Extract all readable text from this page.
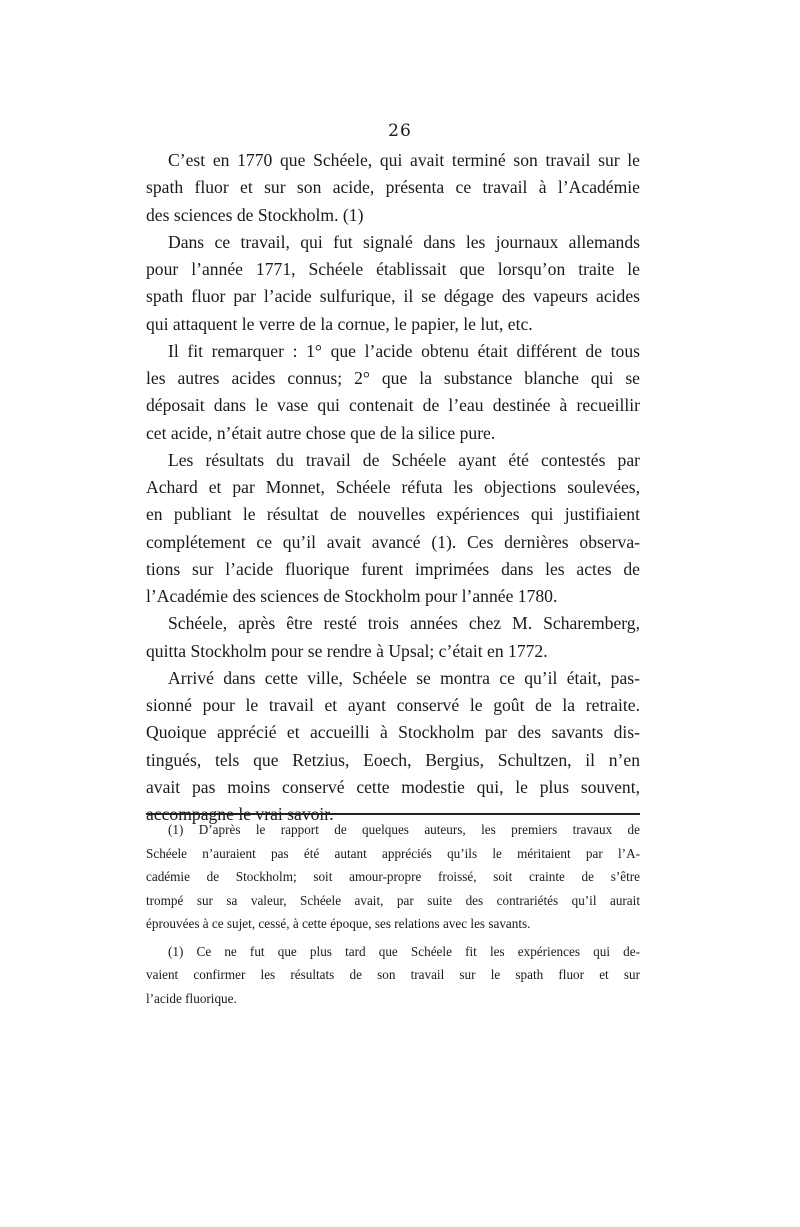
26
C’est en 1770 que Schéele, qui avait terminé son travail sur le
spath fluor et sur son acide, présenta ce travail à l’Académie
des sciences de Stockholm. (1)
Dans ce travail, qui fut signalé dans les journaux allemands
pour l’année 1771, Schéele établissait que lorsqu’on traite le
spath fluor par l’acide sulfurique, il se dégage des vapeurs acides
qui attaquent le verre de la cornue, le papier, le lut, etc.
Il fit remarquer : 1° que l’acide obtenu était différent de tous
les autres acides connus; 2° que la substance blanche qui se
déposait dans le vase qui contenait de l’eau destinée à recueillir
cet acide, n’était autre chose que de la silice pure.
Les résultats du travail de Schéele ayant été contestés par
Achard et par Monnet, Schéele réfuta les objections soulevées,
en publiant le résultat de nouvelles expériences qui justifiaient
complétement ce qu’il avait avancé (1). Ces dernières observa-
tions sur l’acide fluorique furent imprimées dans les actes de
l’Académie des sciences de Stockholm pour l’année 1780.
Schéele, après être resté trois années chez M. Scharemberg,
quitta Stockholm pour se rendre à Upsal; c’était en 1772.
Arrivé dans cette ville, Schéele se montra ce qu’il était, pas-
sionné pour le travail et ayant conservé le goût de la retraite.
Quoique apprécié et accueilli à Stockholm par des savants dis-
tingués, tels que Retzius, Eoech, Bergius, Schultzen, il n’en
avait pas moins conservé cette modestie qui, le plus souvent,
accompagne le vrai savoir.
(1) D’après le rapport de quelques auteurs, les premiers travaux de
Schéele n’auraient pas été autant appréciés qu’ils le méritaient par l’A-
cadémie de Stockholm; soit amour-propre froissé, soit crainte de s’être
trompé sur sa valeur, Schéele avait, par suite des contrariétés qu’il aurait
éprouvées à ce sujet, cessé, à cette époque, ses relations avec les savants.
(1) Ce ne fut que plus tard que Schéele fit les expériences qui de-
vaient confirmer les résultats de son travail sur le spath fluor et sur
l’acide fluorique.
